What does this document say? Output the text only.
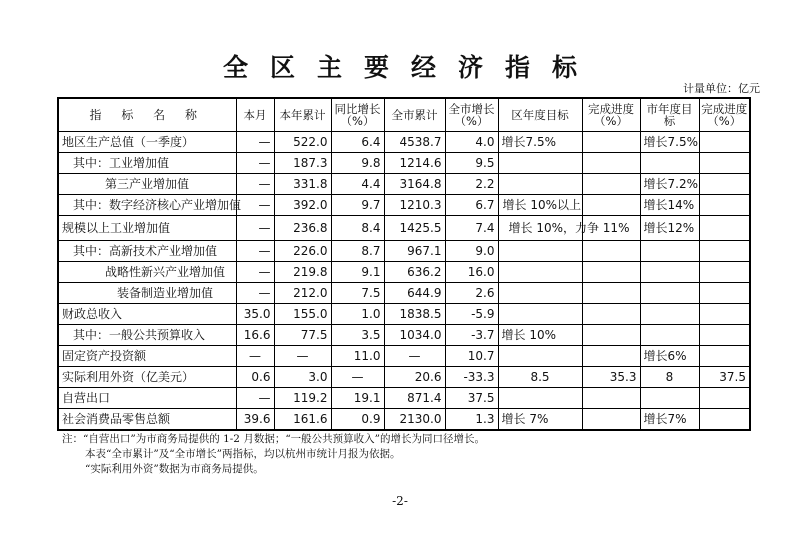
全区主要经济指标
计量单位：亿元
指 标 名 称	本月	本年累计	同比增长（%）	全市累计	全市增长（%）	区年度目标	完成进度（%）	市年度目标	完成进度（%）
地区生产总值（一季度）	—	522.0	6.4	4538.7	4.0	增长7.5%		增长7.5%	
其中：工业增加值	—	187.3	9.8	1214.6	9.5				
第三产业增加值	—	331.8	4.4	3164.8	2.2			增长7.2%	
其中：数字经济核心产业增加值	—	392.0	9.7	1210.3	6.7	增长 10%以上		增长14%	
规模以上工业增加值	—	236.8	8.4	1425.5	7.4	增长 10%，力争 11%		增长12%	
其中：高新技术产业增加值	—	226.0	8.7	967.1	9.0				
战略性新兴产业增加值	—	219.8	9.1	636.2	16.0				
装备制造业增加值	—	212.0	7.5	644.9	2.6				
财政总收入	35.0	155.0	1.0	1838.5	-5.9				
其中：一般公共预算收入	16.6	77.5	3.5	1034.0	-3.7	增长 10%			
固定资产投资额	—	—	11.0	—	10.7			增长6%	
实际利用外资（亿美元）	0.6	3.0	—	20.6	-33.3	8.5	35.3	8	37.5
自营出口	—	119.2	19.1	871.4	37.5				
社会消费品零售总额	39.6	161.6	0.9	2130.0	1.3	增长 7%		增长7%	
注：“自营出口”为市商务局提供的 1-2 月数据；“一般公共预算收入”的增长为同口径增长。
本表“全市累计”及“全市增长”两指标，均以杭州市统计月报为依据。
“实际利用外资”数据为市商务局提供。
-2-
